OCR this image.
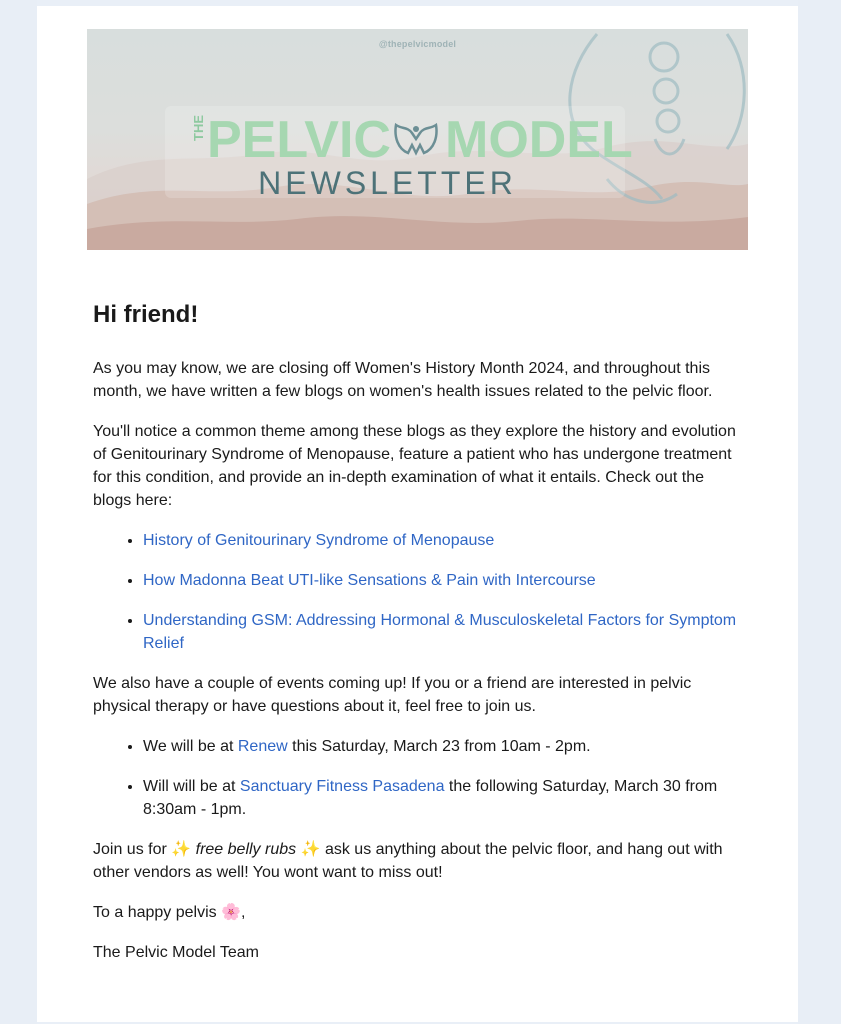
@thepelvicmodel
THE PELVIC MODEL
NEWSLETTER
Hi friend!

As you may know, we are closing off Women's History Month 2024, and throughout this month, we have written a few blogs on women's health issues related to the pelvic floor.

You'll notice a common theme among these blogs as they explore the history and evolution of Genitourinary Syndrome of Menopause, feature a patient who has undergone treatment for this condition, and provide an in-depth examination of what it entails. Check out the blogs here:

• History of Genitourinary Syndrome of Menopause
• How Madonna Beat UTI-like Sensations & Pain with Intercourse
• Understanding GSM: Addressing Hormonal & Musculoskeletal Factors for Symptom Relief

We also have a couple of events coming up! If you or a friend are interested in pelvic physical therapy or have questions about it, feel free to join us.

• We will be at Renew this Saturday, March 23 from 10am - 2pm.
• Will will be at Sanctuary Fitness Pasadena the following Saturday, March 30 from 8:30am - 1pm.

Join us for ✨ free belly rubs ✨ ask us anything about the pelvic floor, and hang out with other vendors as well! You wont want to miss out!

To a happy pelvis 🌸,

The Pelvic Model Team
